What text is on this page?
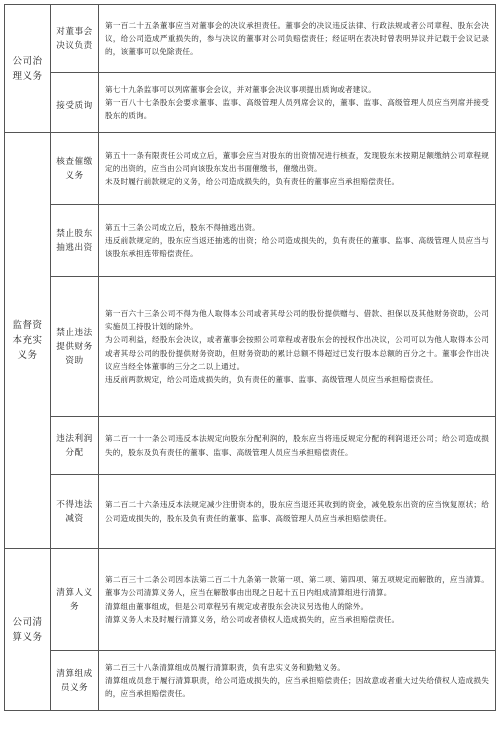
公司治理义务	对董事会决议负责	第一百二十五条董事应当对董事会的决议承担责任。董事会的决议违反法律、行政法规或者公司章程、股东会决议，给公司造成严重损失的，参与决议的董事对公司负赔偿责任；经证明在表决时曾表明异议并记载于会议记录的，该董事可以免除责任。

	接受质询	第七十九条监事可以列席董事会会议，并对董事会决议事项提出质询或者建议。

第一百八十七条股东会要求董事、监事、高级管理人员列席会议的，董事、监事、高级管理人员应当列席并接受股东的质询。

监督资本充实义务	核查催缴义务	第五十一条有限责任公司成立后，董事会应当对股东的出资情况进行核查，发现股东未按期足额缴纳公司章程规定的出资的，应当由公司向该股东发出书面催缴书，催缴出资。

未及时履行前款规定的义务，给公司造成损失的，负有责任的董事应当承担赔偿责任。

	禁止股东抽逃出资	第五十三条公司成立后，股东不得抽逃出资。

违反前款规定的，股东应当返还抽逃的出资；给公司造成损失的，负有责任的董事、监事、高级管理人员应当与该股东承担连带赔偿责任。

	禁止违法提供财务资助	第一百六十三条公司不得为他人取得本公司或者其母公司的股份提供赠与、借款、担保以及其他财务资助，公司实施员工持股计划的除外。

为公司利益，经股东会决议，或者董事会按照公司章程或者股东会的授权作出决议，公司可以为他人取得本公司或者其母公司的股份提供财务资助，但财务资助的累计总额不得超过已发行股本总额的百分之十。董事会作出决议应当经全体董事的三分之二以上通过。

违反前两款规定，给公司造成损失的，负有责任的董事、监事、高级管理人员应当承担赔偿责任。

	违法利润分配	第二百一十一条公司违反本法规定向股东分配利润的，股东应当将违反规定分配的利润退还公司；给公司造成损失的，股东及负有责任的董事、监事、高级管理人员应当承担赔偿责任。

	不得违法减资	第二百二十六条违反本法规定减少注册资本的，股东应当退还其收到的资金，减免股东出资的应当恢复原状；给公司造成损失的，股东及负有责任的董事、监事、高级管理人员应当承担赔偿责任。

公司清算义务	清算人义务	第二百三十二条公司因本法第二百二十九条第一款第一项、第二项、第四项、第五项规定而解散的，应当清算。董事为公司清算义务人，应当在解散事由出现之日起十五日内组成清算组进行清算。

清算组由董事组成，但是公司章程另有规定或者股东会决议另选他人的除外。

清算义务人未及时履行清算义务，给公司或者债权人造成损失的，应当承担赔偿责任。

	清算组成员义务	第二百三十八条清算组成员履行清算职责，负有忠实义务和勤勉义务。

清算组成员怠于履行清算职责，给公司造成损失的，应当承担赔偿责任；因故意或者重大过失给债权人造成损失的，应当承担赔偿责任。
